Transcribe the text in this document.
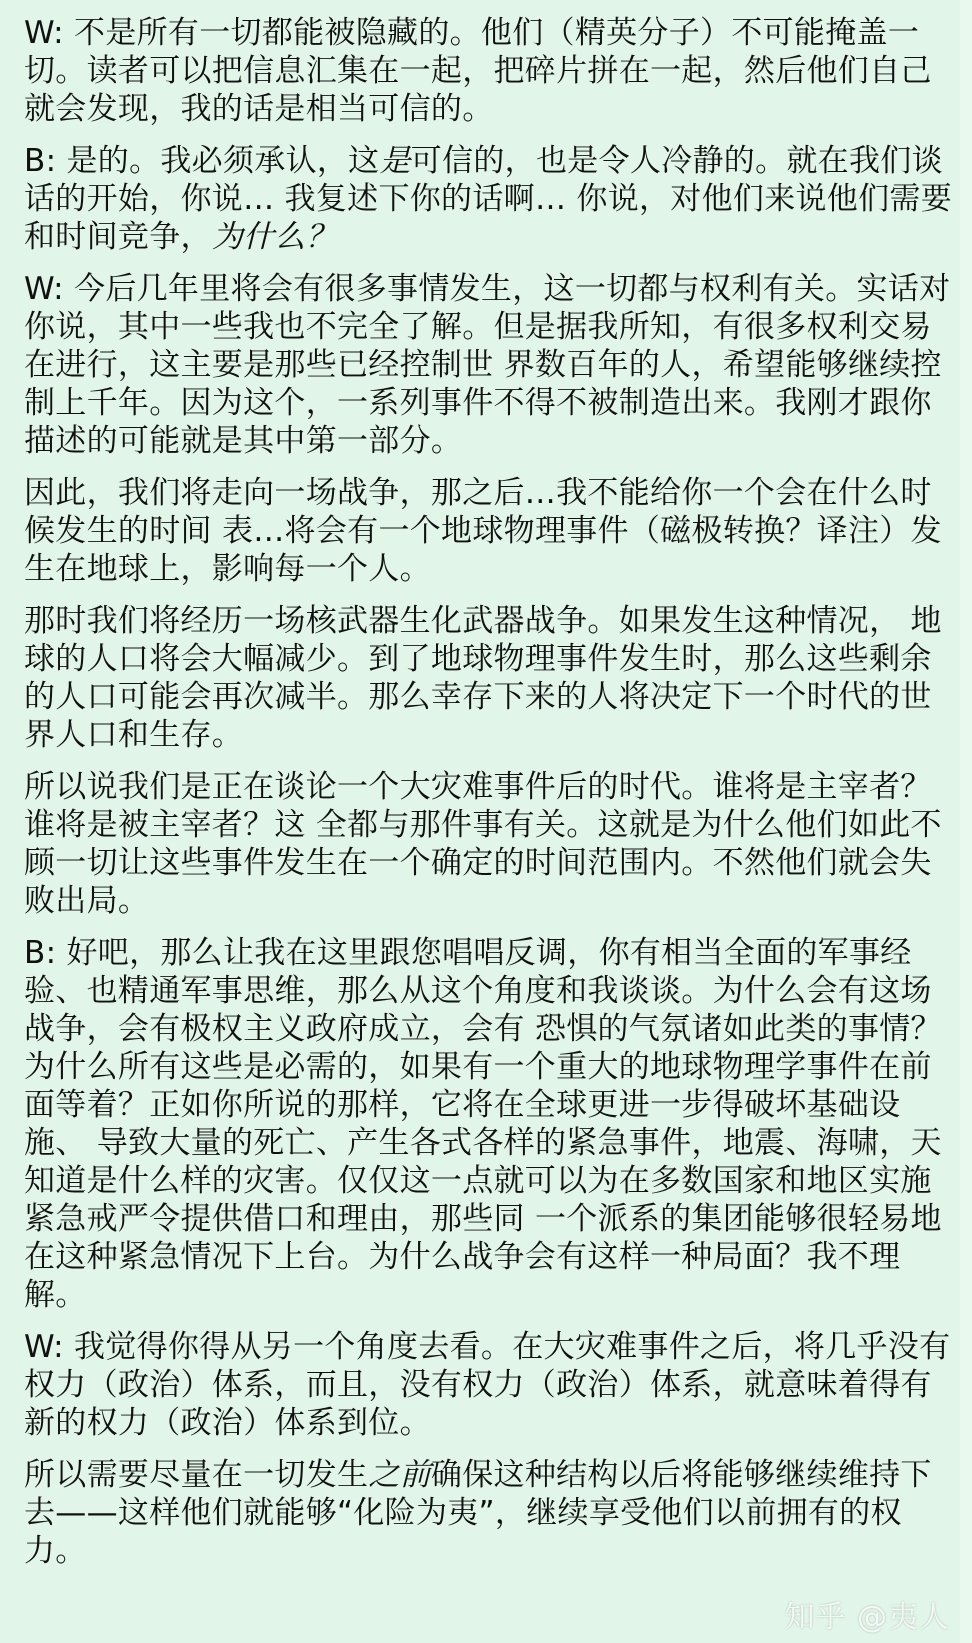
W: 不是所有一切都能被隐藏的。他们（精英分子）不可能掩盖一切。读者可以把信息汇集在一起，把碎片拼在一起，然后他们自己就会发现，我的话是相当可信的。

B: 是的。我必须承认，这是可信的，也是令人冷静的。就在我们谈话的开始，你说… 我复述下你的话啊… 你说，对他们来说他们需要和时间竞争，为什么？

W: 今后几年里将会有很多事情发生，这一切都与权利有关。实话对你说，其中一些我也不完全了解。但是据我所知，有很多权利交易在进行，这主要是那些已经控制世 界数百年的人，希望能够继续控制上千年。因为这个，一系列事件不得不被制造出来。我刚才跟你描述的可能就是其中第一部分。

因此，我们将走向一场战争，那之后…我不能给你一个会在什么时候发生的时间 表…将会有一个地球物理事件（磁极转换？译注）发生在地球上，影响每一个人。

那时我们将经历一场核武器生化武器战争。如果发生这种情况， 地球的人口将会大幅减少。到了地球物理事件发生时，那么这些剩余的人口可能会再次减半。那么幸存下来的人将决定下一个时代的世界人口和生存。

所以说我们是正在谈论一个大灾难事件后的时代。谁将是主宰者？谁将是被主宰者？这 全都与那件事有关。这就是为什么他们如此不顾一切让这些事件发生在一个确定的时间范围内。不然他们就会失败出局。

B: 好吧，那么让我在这里跟您唱唱反调，你有相当全面的军事经验、也精通军事思维，那么从这个角度和我谈谈。为什么会有这场战争，会有极权主义政府成立，会有 恐惧的气氛诸如此类的事情？为什么所有这些是必需的，如果有一个重大的地球物理学事件在前面等着？正如你所说的那样，它将在全球更进一步得破坏基础设施、 导致大量的死亡、产生各式各样的紧急事件，地震、海啸，天知道是什么样的灾害。仅仅这一点就可以为在多数国家和地区实施紧急戒严令提供借口和理由，那些同 一个派系的集团能够很轻易地在这种紧急情况下上台。为什么战争会有这样一种局面？我不理解。

W: 我觉得你得从另一个角度去看。在大灾难事件之后，将几乎没有权力（政治）体系，而且，没有权力（政治）体系，就意味着得有新的权力（政治）体系到位。

所以需要尽量在一切发生之前确保这种结构以后将能够继续维持下 去——这样他们就能够“化险为夷”，继续享受他们以前拥有的权力。

知乎 @夷人
